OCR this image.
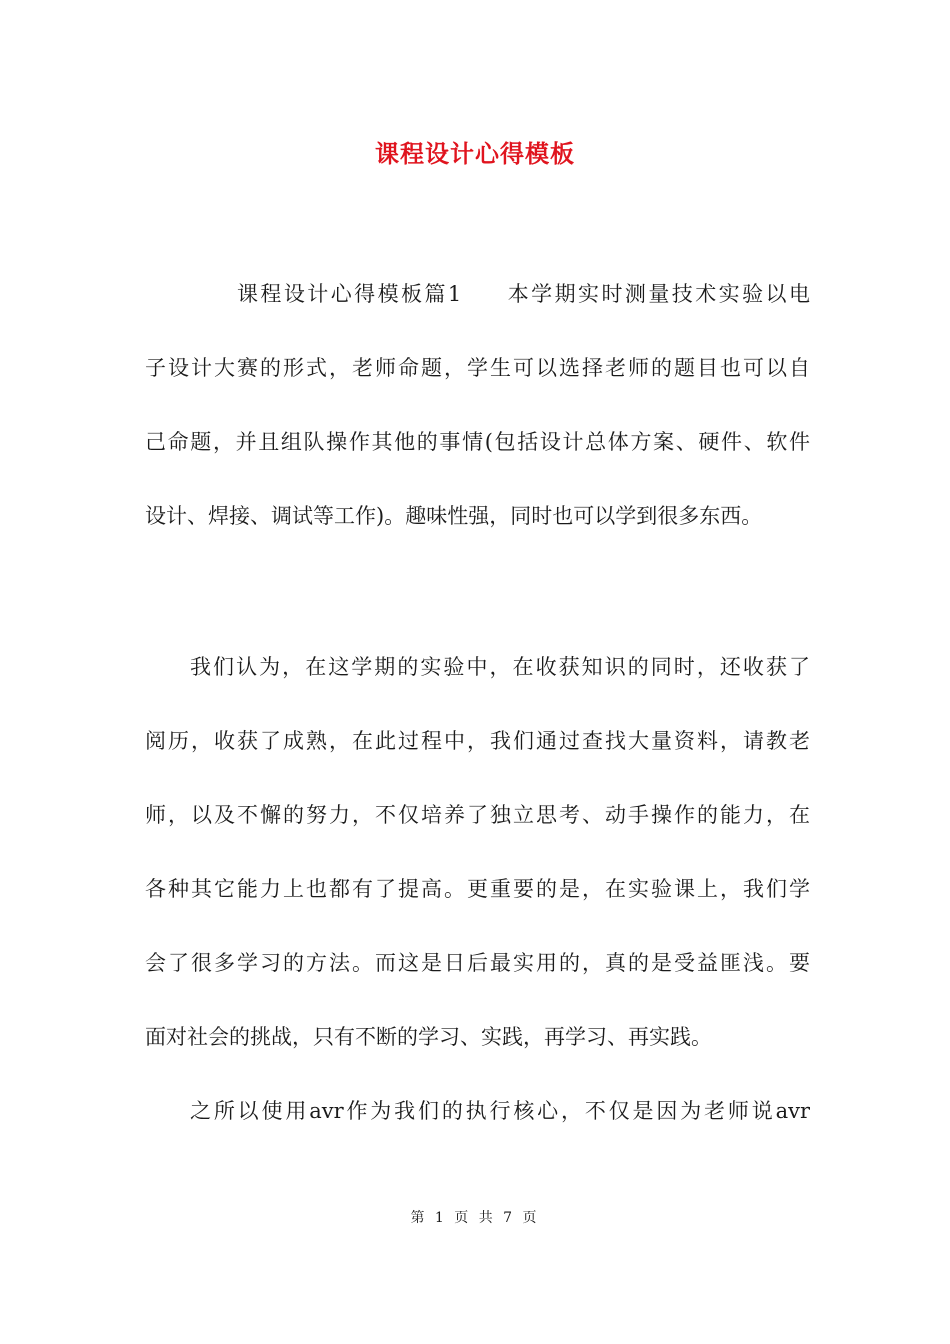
课程设计心得模板

课程设计心得模板篇1 本学期实时测量技术实验以电

子设计大赛的形式，老师命题，学生可以选择老师的题目也可以自

己命题，并且组队操作其他的事情(包括设计总体方案、硬件、软件

设计、焊接、调试等工作)。趣味性强，同时也可以学到很多东西。

我们认为，在这学期的实验中，在收获知识的同时，还收获了

阅历，收获了成熟，在此过程中，我们通过查找大量资料，请教老

师，以及不懈的努力，不仅培养了独立思考、动手操作的能力，在

各种其它能力上也都有了提高。更重要的是，在实验课上，我们学

会了很多学习的方法。而这是日后最实用的，真的是受益匪浅。要

面对社会的挑战，只有不断的学习、实践，再学习、再实践。

之所以使用avr作为我们的执行核心，不仅是因为老师说avr

第 1 页 共 7 页
